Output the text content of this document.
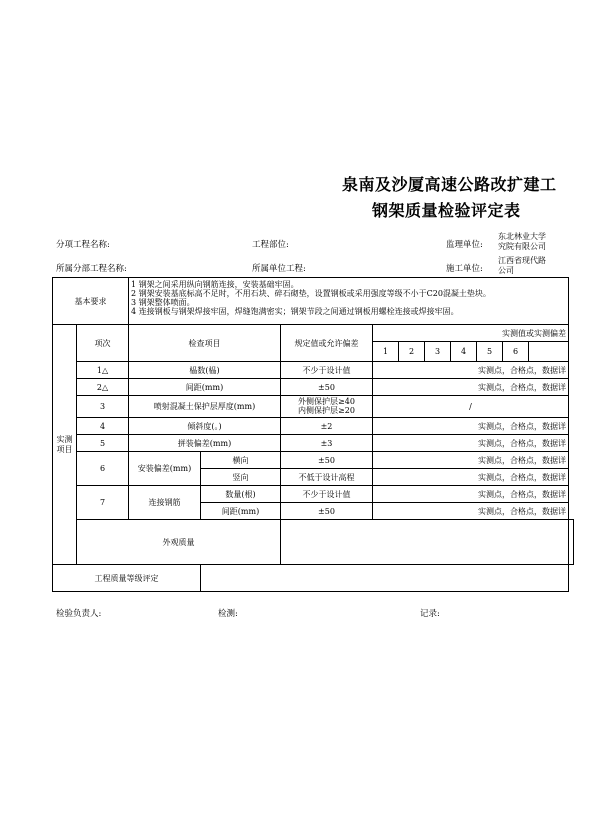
泉南及沙厦高速公路改扩建工
钢架质量检验评定表
分项工程名称:	工程部位:	监理单位:
东北林业大学
究院有限公司
所属分部工程名称:	所属单位工程:	施工单位:
江西省现代路
公司
基本要求		1 钢架之间采用纵向钢筋连接，安装基础牢固。
2 钢架安装基底标高不足时，不用石块、碎石砌垫，设置钢板或采用强度等级不小于C20混凝土垫块。
3 钢架整体喷面。
4 连接钢板与钢架焊接牢固，焊缝饱满密实；钢架节段之间通过钢板用螺栓连接或焊接牢固。										

实测项目	项次	检查项目		规定值或允许偏差	实测值或实测偏差							
					1	2	3	4	5	6		
	1△	榀数(榀)		不少于设计值	实测点，合格点，数据详							
	2△	间距(mm)		±50	实测点，合格点，数据详							
	3	喷射混凝土保护层厚度(mm)		外侧保护层≥40
内侧保护层≥20	/							
	4	倾斜度(。)		±2	实测点，合格点，数据详							
	5	拼装偏差(mm)		±3	实测点，合格点，数据详							
	6	安装偏差(mm)	横向	±50	实测点，合格点，数据详							
			竖向	不低于设计高程	实测点，合格点，数据详							
	7	连接钢筋	数量(根)	不少于设计值	实测点，合格点，数据详							
			间距(mm)	±50	实测点，合格点，数据详							
	外观质量											
工程质量等级评定												
检验负责人:	检测:	记录:
